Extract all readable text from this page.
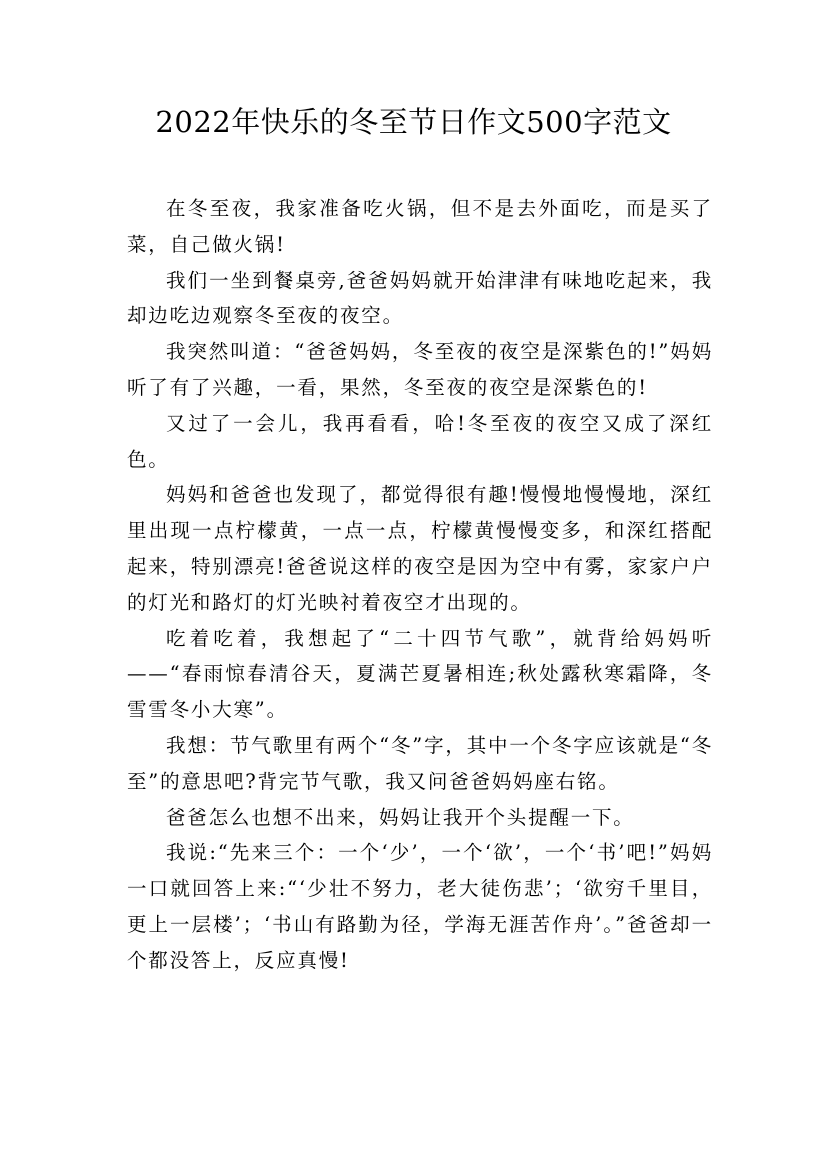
2022年快乐的冬至节日作文500字范文

在冬至夜，我家准备吃火锅，但不是去外面吃，而是买了菜，自己做火锅!

我们一坐到餐桌旁,爸爸妈妈就开始津津有味地吃起来，我却边吃边观察冬至夜的夜空。

我突然叫道：“爸爸妈妈，冬至夜的夜空是深紫色的!”妈妈听了有了兴趣，一看，果然，冬至夜的夜空是深紫色的!

又过了一会儿，我再看看，哈!冬至夜的夜空又成了深红色。

妈妈和爸爸也发现了，都觉得很有趣!慢慢地慢慢地，深红里出现一点柠檬黄，一点一点，柠檬黄慢慢变多，和深红搭配起来，特别漂亮!爸爸说这样的夜空是因为空中有雾，家家户户的灯光和路灯的灯光映衬着夜空才出现的。

吃着吃着，我想起了“二十四节气歌”，就背给妈妈听——“春雨惊春清谷天，夏满芒夏暑相连;秋处露秋寒霜降，冬雪雪冬小大寒”。

我想：节气歌里有两个“冬”字，其中一个冬字应该就是“冬至”的意思吧?背完节气歌，我又问爸爸妈妈座右铭。

爸爸怎么也想不出来，妈妈让我开个头提醒一下。

我说:“先来三个：一个‘少’，一个‘欲’，一个‘书’吧!”妈妈一口就回答上来:“‘少壮不努力，老大徒伤悲’；‘欲穷千里目，更上一层楼’；‘书山有路勤为径，学海无涯苦作舟’。”爸爸却一个都没答上，反应真慢!
